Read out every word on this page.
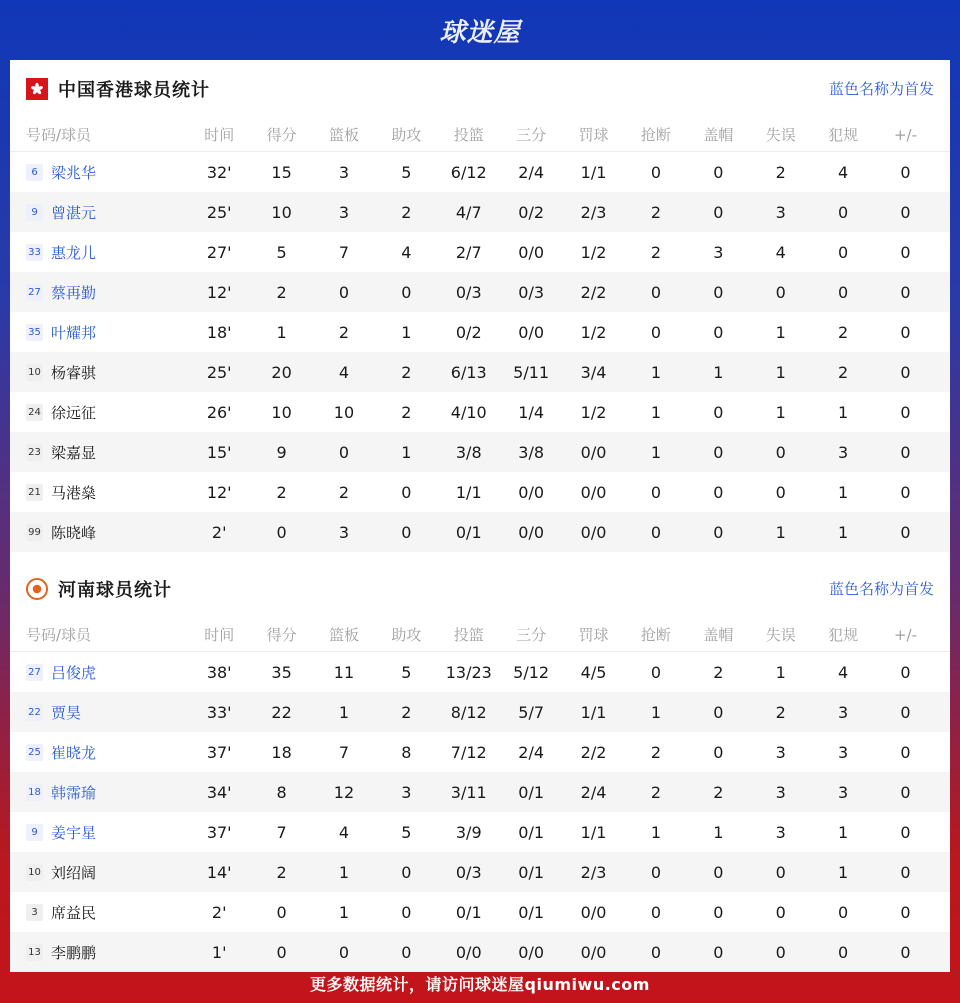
球迷屋
中国香港球员统计	蓝色名称为首发
号码/球员	时间	得分	篮板	助攻	投篮	三分	罚球	抢断	盖帽	失误	犯规	+/-
6 梁兆华	32'	15	3	5	6/12	2/4	1/1	0	0	2	4	0
9 曾湛元	25'	10	3	2	4/7	0/2	2/3	2	0	3	0	0
33 惠龙儿	27'	5	7	4	2/7	0/0	1/2	2	3	4	0	0
27 蔡再勤	12'	2	0	0	0/3	0/3	2/2	0	0	0	0	0
35 叶耀邦	18'	1	2	1	0/2	0/0	1/2	0	0	1	2	0
10 杨睿骐	25'	20	4	2	6/13	5/11	3/4	1	1	1	2	0
24 徐远征	26'	10	10	2	4/10	1/4	1/2	1	0	1	1	0
23 梁嘉显	15'	9	0	1	3/8	3/8	0/0	1	0	0	3	0
21 马港燊	12'	2	2	0	1/1	0/0	0/0	0	0	0	1	0
99 陈晓峰	2'	0	3	0	0/1	0/0	0/0	0	0	1	1	0
河南球员统计	蓝色名称为首发
号码/球员	时间	得分	篮板	助攻	投篮	三分	罚球	抢断	盖帽	失误	犯规	+/-
27 吕俊虎	38'	35	11	5	13/23	5/12	4/5	0	2	1	4	0
22 贾昊	33'	22	1	2	8/12	5/7	1/1	1	0	2	3	0
25 崔晓龙	37'	18	7	8	7/12	2/4	2/2	2	0	3	3	0
18 韩霈瑜	34'	8	12	3	3/11	0/1	2/4	2	2	3	3	0
9 姜宇星	37'	7	4	5	3/9	0/1	1/1	1	1	3	1	0
10 刘绍阔	14'	2	1	0	0/3	0/1	2/3	0	0	0	1	0
3 席益民	2'	0	1	0	0/1	0/1	0/0	0	0	0	0	0
13 李鹏鹏	1'	0	0	0	0/0	0/0	0/0	0	0	0	0	0
更多数据统计，请访问球迷屋qiumiwu.com
